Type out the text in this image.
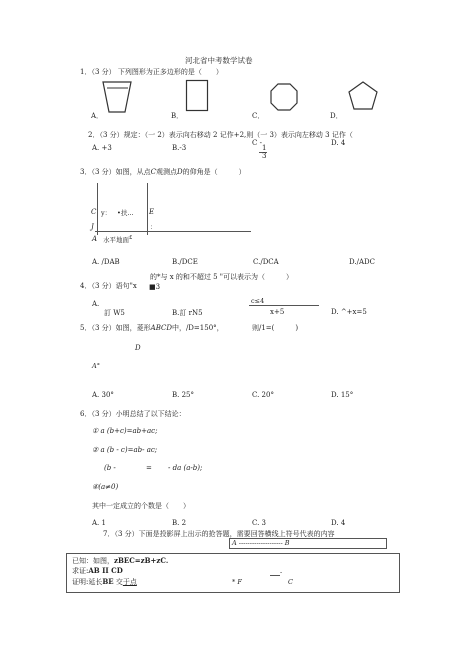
河北省中考数学试卷
1．（3 分） 下列图形为正多边形的是（　　）
A．	B．	C．	D．
2．（3 分）规定：（一 2）表示向右移动 2 记作+2,则（一 3）表示向左移动 3 记作（
A. +3	B.-3
C -
1
3
D. 4
3．（3 分）如图，从点C观测点D的仰角是（　　　）
C y： •扶... E
J	：
A 水平地面£
A. /DAB	B./DCE	C./DCA	D./ADC
的*与 x 的和不超过 5 "可以表示为（　　　）
4．（3 分）语句"x ■3
A.
訂 W5	B.訂 rN5
c≤4
x+5	D. ^+x=5
5．（3 分）如图，菱形ABCD中，/D=150°，	则/1=(　　　)
D
A°
A. 30°	B. 25°	C. 20°	D. 15°
6．（3 分）小明总结了以下结论：
① a (b+c)=ab+ac;
② a (b - c)=ab- ac;
(b -	= - da (a-b);
④(a≠0)
其中一定成立的个数是（　　）
A. 1	B. 2	C. 3	D. 4
7．（3 分）下面是投影屏上出示的抢答题，需要回答横线上符号代表的内容
A -------------------- B
已知：如图，zBEC=zB+zC.
求证:AB II CD
证明:延长BE 交于点
-
* F	C
